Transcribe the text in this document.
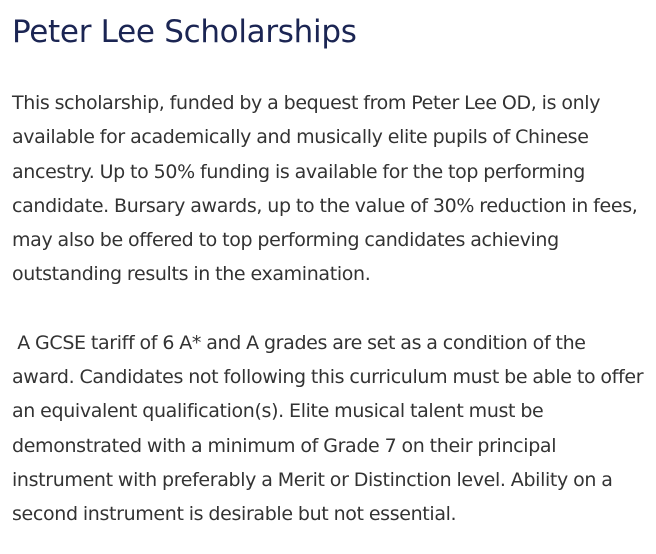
Peter Lee Scholarships

This scholarship, funded by a bequest from Peter Lee OD, is only available for academically and musically elite pupils of Chinese ancestry. Up to 50% funding is available for the top performing candidate. Bursary awards, up to the value of 30% reduction in fees, may also be offered to top performing candidates achieving outstanding results in the examination.

A GCSE tariff of 6 A* and A grades are set as a condition of the award. Candidates not following this curriculum must be able to offer an equivalent qualification(s). Elite musical talent must be demonstrated with a minimum of Grade 7 on their principal instrument with preferably a Merit or Distinction level. Ability on a second instrument is desirable but not essential.
